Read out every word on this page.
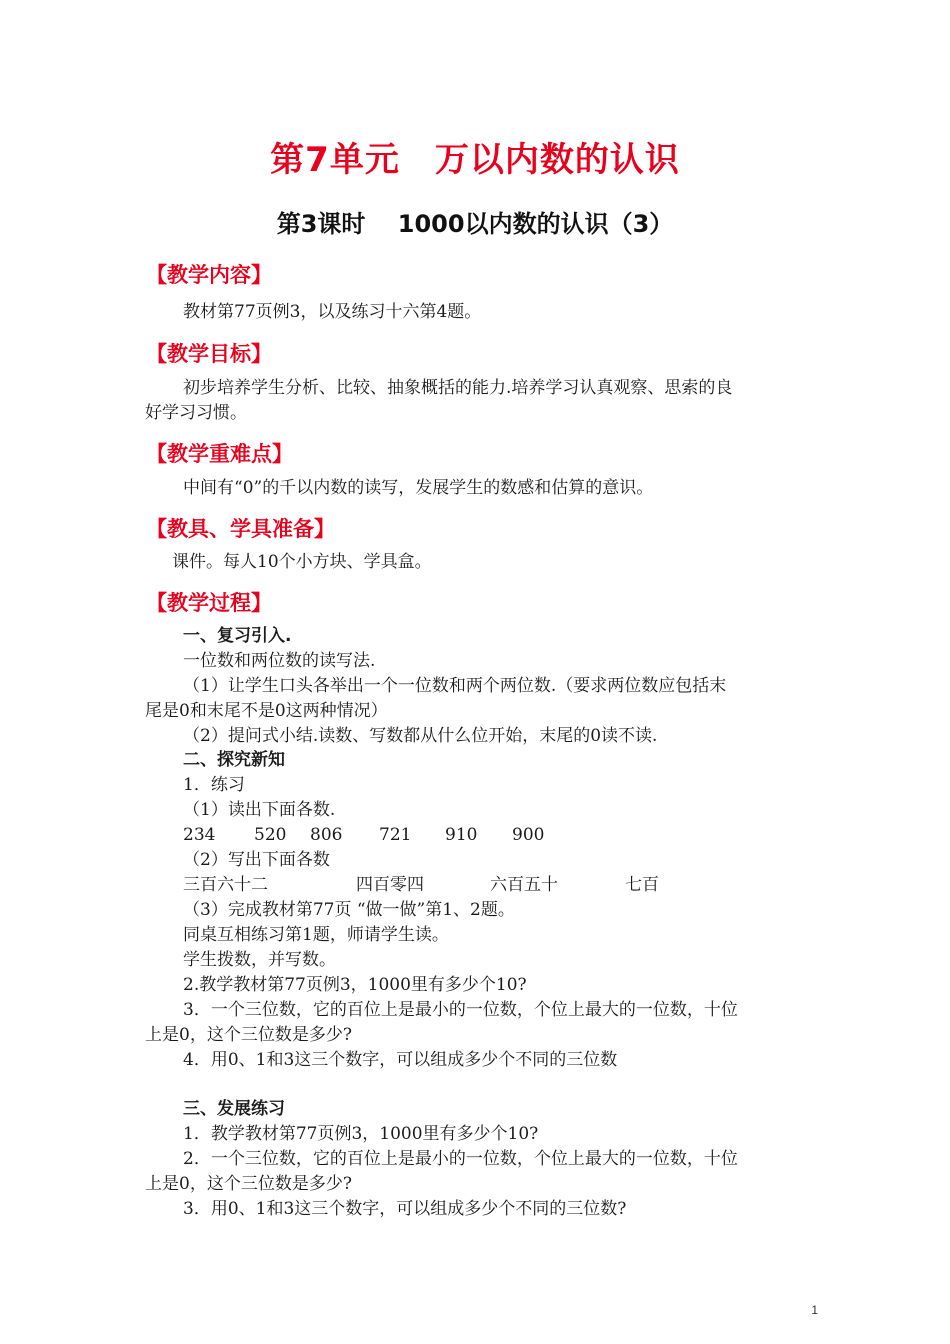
第7单元　万以内数的认识
第3课时　 1000以内数的认识（3）
【教学内容】
教材第77页例3，以及练习十六第4题。
【教学目标】
初步培养学生分析、比较、抽象概括的能力.培养学习认真观察、思索的良
好学习习惯。
【教学重难点】
中间有“0”的千以内数的读写，发展学生的数感和估算的意识。
【教具、学具准备】
课件。每人10个小方块、学具盒。
【教学过程】
一、复习引入.
一位数和两位数的读写法.
（1）让学生口头各举出一个一位数和两个两位数.（要求两位数应包括末
尾是0和末尾不是0这两种情况）
（2）提问式小结.读数、写数都从什么位开始，末尾的0读不读.
二、探究新知
1．练习
（1）读出下面各数.
234 520 806 721 910 900
（2）写出下面各数
三百六十二	四百零四	六百五十	七百
（3）完成教材第77页 “做一做”第1、2题。
同桌互相练习第1题，师请学生读。
学生拨数，并写数。
2.教学教材第77页例3，1000里有多少个10?
3．一个三位数，它的百位上是最小的一位数，个位上最大的一位数，十位
上是0，这个三位数是多少?
4．用0、1和3这三个数字，可以组成多少个不同的三位数
三、发展练习
1．教学教材第77页例3，1000里有多少个10?
2．一个三位数，它的百位上是最小的一位数，个位上最大的一位数，十位
上是0，这个三位数是多少?
3．用0、1和3这三个数字，可以组成多少个不同的三位数?
1
